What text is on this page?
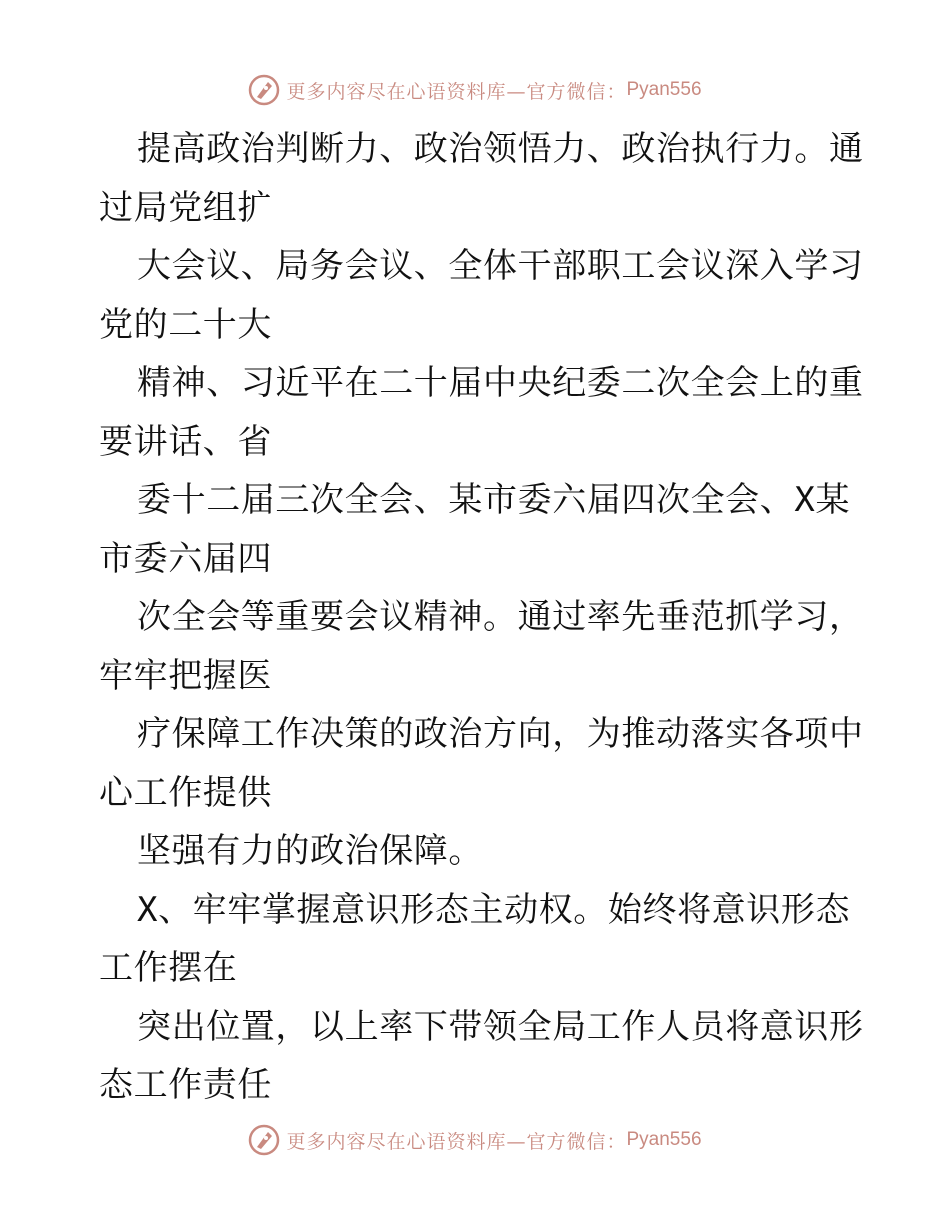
更多内容尽在心语资料库—官方微信： Pyan556
提高政治判断力、政治领悟力、政治执行力。通
过局党组扩
大会议、局务会议、全体干部职工会议深入学习
党的二十大
精神、习近平在二十届中央纪委二次全会上的重
要讲话、省
委十二届三次全会、某市委六届四次全会、X某
市委六届四
次全会等重要会议精神。通过率先垂范抓学习，
牢牢把握医
疗保障工作决策的政治方向，为推动落实各项中
心工作提供
坚强有力的政治保障。
X、牢牢掌握意识形态主动权。始终将意识形态
工作摆在
突出位置，以上率下带领全局工作人员将意识形
态工作责任
更多内容尽在心语资料库—官方微信： Pyan556
